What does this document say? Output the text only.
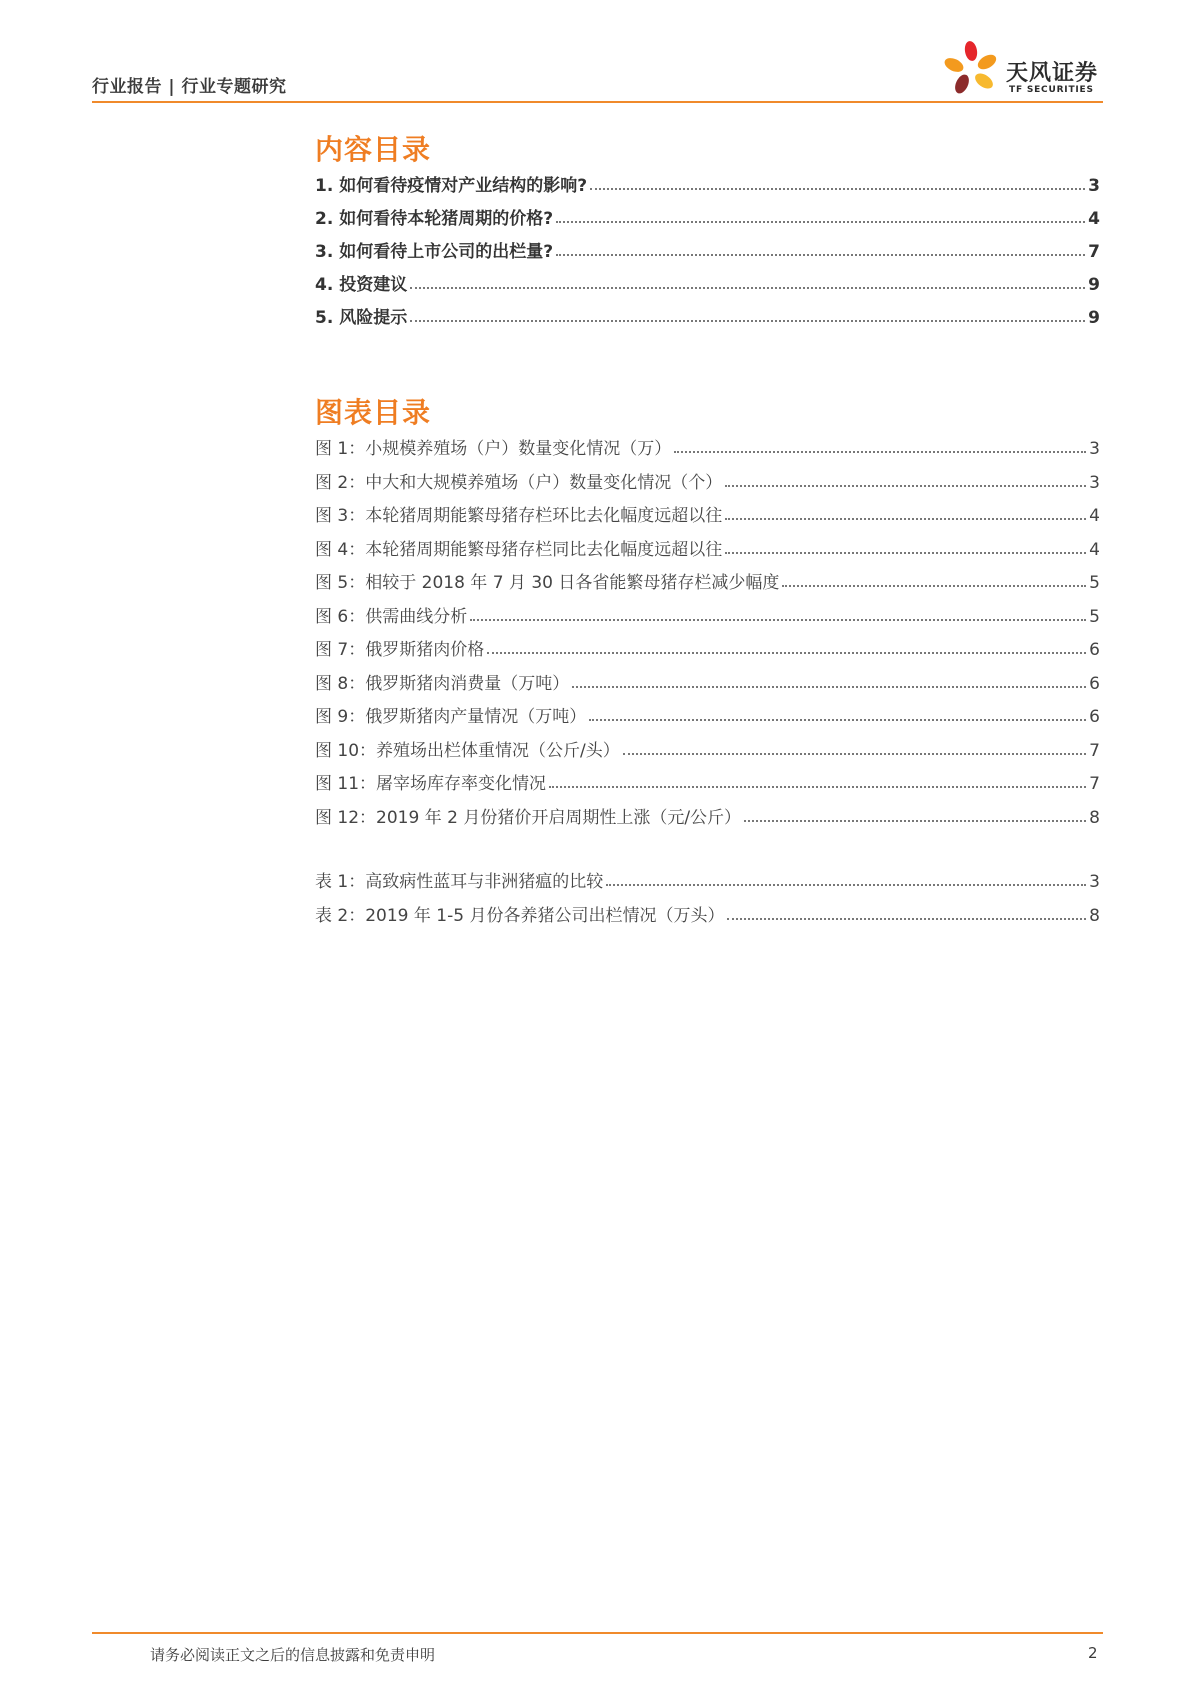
行业报告 | 行业专题研究
天风证券
TF SECURITIES
内容目录
1. 如何看待疫情对产业结构的影响?	3
2. 如何看待本轮猪周期的价格?	4
3. 如何看待上市公司的出栏量?	7
4. 投资建议	9
5. 风险提示	9
图表目录
图 1：小规模养殖场（户）数量变化情况（万）	3
图 2：中大和大规模养殖场（户）数量变化情况（个）	3
图 3：本轮猪周期能繁母猪存栏环比去化幅度远超以往	4
图 4：本轮猪周期能繁母猪存栏同比去化幅度远超以往	4
图 5：相较于 2018 年 7 月 30 日各省能繁母猪存栏减少幅度	5
图 6：供需曲线分析	5
图 7：俄罗斯猪肉价格	6
图 8：俄罗斯猪肉消费量（万吨）	6
图 9：俄罗斯猪肉产量情况（万吨）	6
图 10：养殖场出栏体重情况（公斤/头）	7
图 11：屠宰场库存率变化情况	7
图 12：2019 年 2 月份猪价开启周期性上涨（元/公斤）	8
表 1：高致病性蓝耳与非洲猪瘟的比较	3
表 2：2019 年 1-5 月份各养猪公司出栏情况（万头）	8
请务必阅读正文之后的信息披露和免责申明	2
